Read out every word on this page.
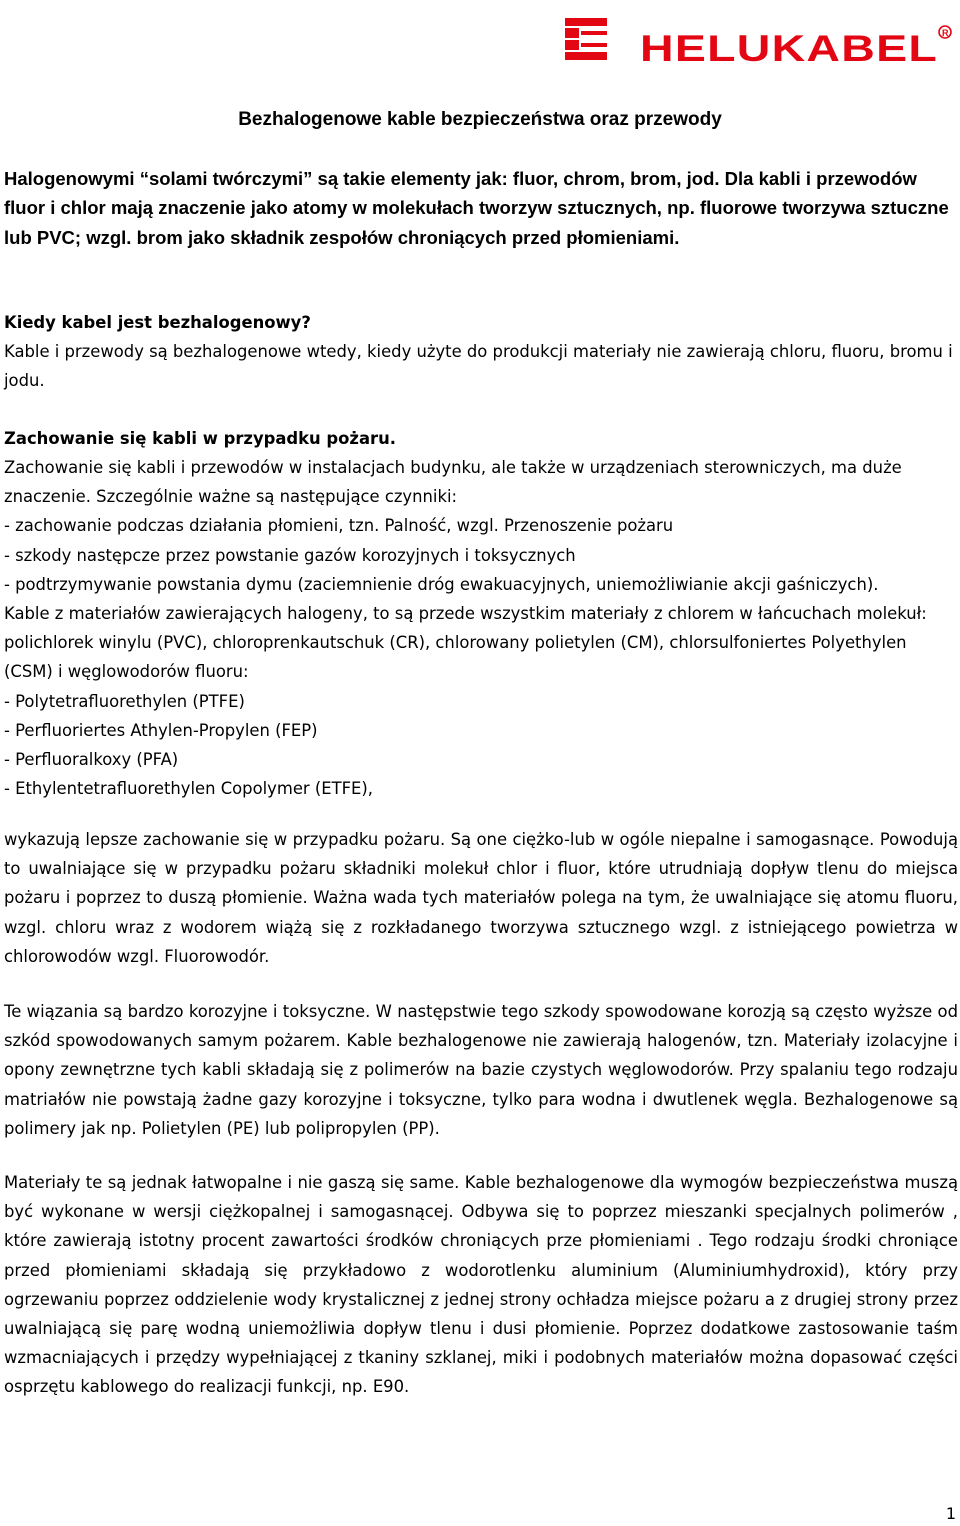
HELUKABEL R
Bezhalogenowe kable bezpieczeństwa oraz przewody

Halogenowymi “solami twórczymi” są takie elementy jak: fluor, chrom, brom, jod. Dla kabli i przewodów fluor i chlor mają znaczenie jako atomy w molekułach tworzyw sztucznych, np. fluorowe tworzywa sztuczne lub PVC; wzgl. brom jako składnik zespołów chroniących przed płomieniami.

Kiedy kabel jest bezhalogenowy?

Kable i przewody są bezhalogenowe wtedy, kiedy użyte do produkcji materiały nie zawierają chloru, fluoru, bromu i jodu.

Zachowanie się kabli w przypadku pożaru.
Zachowanie się kabli i przewodów w instalacjach budynku, ale także w urządzeniach sterowniczych, ma duże znaczenie. Szczególnie ważne są następujące czynniki:
- zachowanie podczas działania płomieni, tzn. Palność, wzgl. Przenoszenie pożaru
- szkody następcze przez powstanie gazów korozyjnych i toksycznych
- podtrzymywanie powstania dymu (zaciemnienie dróg ewakuacyjnych, uniemożliwianie akcji gaśniczych).
Kable z materiałów zawierających halogeny, to są przede wszystkim materiały z chlorem w łańcuchach molekuł: polichlorek winylu (PVC), chloroprenkautschuk (CR), chlorowany polietylen (CM), chlorsulfoniertes Polyethylen (CSM) i węglowodorów fluoru:
- Polytetrafluorethylen (PTFE)
- Perfluoriertes Athylen-Propylen (FEP)
- Perfluoralkoxy (PFA)
- Ethylentetrafluorethylen Copolymer (ETFE),

wykazują lepsze zachowanie się w przypadku pożaru. Są one ciężko-lub w ogóle niepalne i samogasnące. Powodują to uwalniające się w przypadku pożaru składniki molekuł chlor i fluor, które utrudniają dopływ tlenu do miejsca pożaru i poprzez to duszą płomienie. Ważna wada tych materiałów polega na tym, że uwalniające się atomu fluoru, wzgl. chloru wraz z wodorem wiążą się z rozkładanego tworzywa sztucznego wzgl. z istniejącego powietrza w chlorowodów wzgl. Fluorowodór.

Te wiązania są bardzo korozyjne i toksyczne. W następstwie tego szkody spowodowane korozją są często wyższe od szkód spowodowanych samym pożarem. Kable bezhalogenowe nie zawierają halogenów, tzn. Materiały izolacyjne i opony zewnętrzne tych kabli składają się z polimerów na bazie czystych węglowodorów. Przy spalaniu tego rodzaju matriałów nie powstają żadne gazy korozyjne i toksyczne, tylko para wodna i dwutlenek węgla. Bezhalogenowe są polimery jak np. Polietylen (PE) lub polipropylen (PP).

Materiały te są jednak łatwopalne i nie gaszą się same. Kable bezhalogenowe dla wymogów bezpieczeństwa muszą być wykonane w wersji ciężkopalnej i samogasnącej. Odbywa się to poprzez mieszanki specjalnych polimerów , które zawierają istotny procent zawartości środków chroniących prze płomieniami . Tego rodzaju środki chroniące przed płomieniami składają się przykładowo z wodorotlenku aluminium (Aluminiumhydroxid), który przy ogrzewaniu poprzez oddzielenie wody krystalicznej z jednej strony ochładza miejsce pożaru a z drugiej strony przez uwalniającą się parę wodną uniemożliwia dopływ tlenu i dusi płomienie. Poprzez dodatkowe zastosowanie taśm wzmacniających i przędzy wypełniającej z tkaniny szklanej, miki i podobnych materiałów można dopasować części osprzętu kablowego do realizacji funkcji, np. E90.

1
